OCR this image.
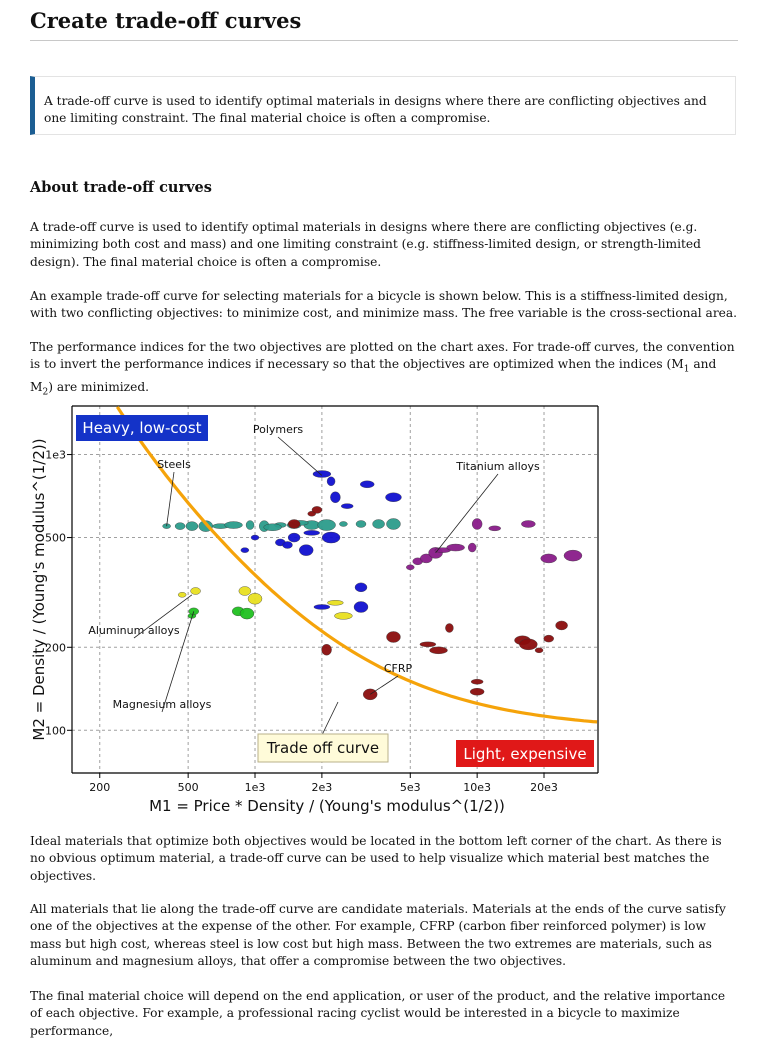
Create trade-off curves

A trade-off curve is used to identify optimal materials in designs where there are conflicting objectives and one limiting constraint. The final material choice is often a compromise.

About trade-off curves

A trade-off curve is used to identify optimal materials in designs where there are conflicting objectives (e.g. minimizing both cost and mass) and one limiting constraint (e.g. stiffness-limited design, or strength-limited design). The final material choice is often a compromise.

An example trade-off curve for selecting materials for a bicycle is shown below. This is a stiffness-limited design, with two conflicting objectives: to minimize cost, and minimize mass. The free variable is the cross-sectional area.

The performance indices for the two objectives are plotted on the chart axes. For trade-off curves, the convention is to invert the performance indices if necessary so that the objectives are optimized when the indices ($M_1$ and $M_2$) are minimized.

Ideal materials that optimize both objectives would be located in the bottom left corner of the chart. As there is no obvious optimum material, a trade-off curve can be used to help visualize which material best matches the objectives.

All materials that lie along the trade-off curve are candidate materials. Materials at the ends of the curve satisfy one of the objectives at the expense of the other. For example, CFRP (carbon fiber reinforced polymer) is low mass but high cost, whereas steel is low cost but high mass. Between the two extremes are materials, such as aluminum and magnesium alloys, that offer a compromise between the two objectives.

The final material choice will depend on the end application, or user of the product, and the relative importance of each objective. For example, a professional racing cyclist would be interested in a bicycle to maximize performance,

200	500	1e3	2e3	5e3	10e3	20e3
100
200
500
1e3
M1 = Price * Density / (Young's modulus^(1/2))
M2 = Density / (Young's modulus^(1/2))
Polymers
Steels	Titanium alloys
Aluminum alloys
Magnesium alloys
CFRP
Heavy, low-cost
Light, expensive
Trade off curve
